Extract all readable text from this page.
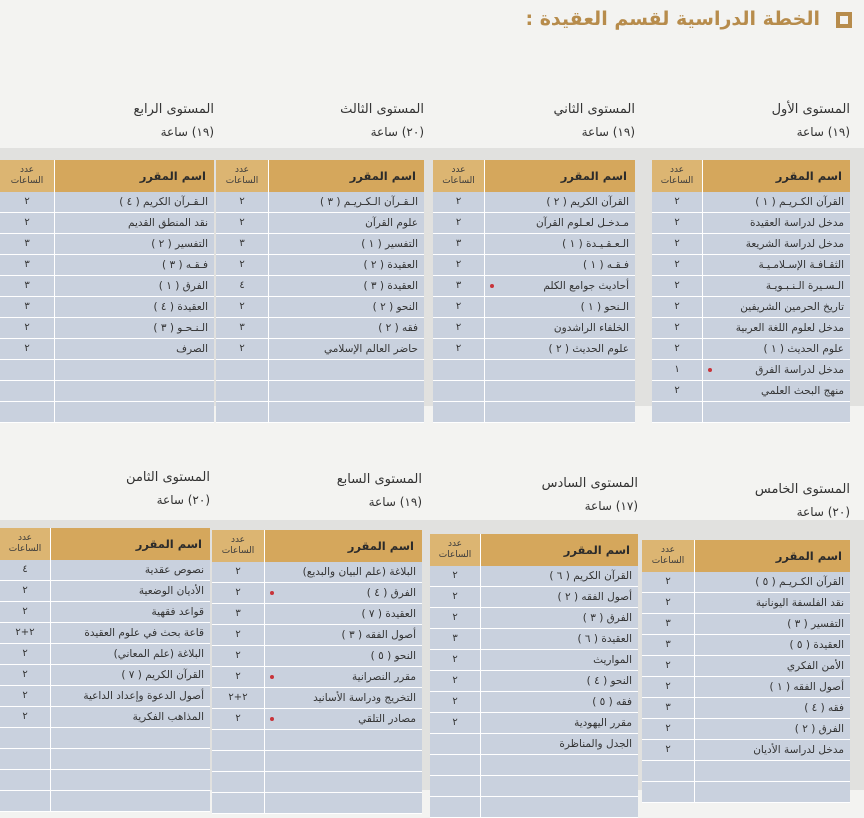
الخطة الدراسية لقسم العقيدة :
المستوى الأول
(١٩) ساعة
اسم المقرر
عدد
الساعات
القرآن الكـريـم ( ١ )
٢
مدخل لدراسة العقيدة
٢
مدخل لدراسة الشريعة
٢
الثقـافـة الإسـلامـيـة
٢
الـسـيرة الـنـبـويـة
٢
تاريخ الحرمين الشريفين
٢
مدخل لعلوم اللغة العربية
٢
علوم الحديث ( ١ )
٢
مدخل لدراسة الفرق
١
منهج البحث العلمي
٢
المستوى الثاني
(١٩) ساعة
اسم المقرر
عدد
الساعات
القرآن الكريم ( ٢ )
٢
مـدخـل لعـلوم القرآن
٢
الـعـقـيـدة ( ١ )
٣
فـقـه ( ١ )
٢
أحاديث جوامع الكلم
٣
الـنحو ( ١ )
٢
الخلفاء الراشدون
٢
علوم الحديث ( ٢ )
٢
المستوى الثالث
(٢٠) ساعة
اسم المقرر
عدد
الساعات
الـقـرآن الـكـريـم ( ٣ )
٢
علوم القرآن
٢
التفسير ( ١ )
٣
العقيدة ( ٢ )
٢
العقيدة ( ٣ )
٤
النحو ( ٢ )
٢
فقه ( ٢ )
٣
حاضر العالم الإسلامي
٢
المستوى الرابع
(١٩) ساعة
اسم المقرر
عدد
الساعات
الـقـرآن الكريم ( ٤ )
٢
نقد المنطق القديم
٢
التفسير ( ٢ )
٣
فـقـه ( ٣ )
٣
الفرق ( ١ )
٣
العقيدة ( ٤ )
٣
الـنـحـو ( ٣ )
٢
الصرف
٢
المستوى الخامس
(٢٠) ساعة
اسم المقرر
عدد
الساعات
القرآن الكـريـم ( ٥ )
٢
نقد الفلسفة اليونانية
٢
التفسير ( ٣ )
٣
العقيدة ( ٥ )
٣
الأمن الفكري
٢
أصول الفقه ( ١ )
٢
فقه ( ٤ )
٣
الفرق ( ٢ )
٢
مدخل لدراسة الأديان
٢
المستوى السادس
(١٧) ساعة
اسم المقرر
عدد
الساعات
القرآن الكريم ( ٦ )
٢
أصول الفقه ( ٢ )
٢
الفرق ( ٣ )
٢
العقيدة ( ٦ )
٣
المواريث
٢
النحو ( ٤ )
٢
فقه ( ٥ )
٢
مقرر اليهودية
٢
الجدل والمناظرة
المستوى السابع
(١٩) ساعة
اسم المقرر
عدد
الساعات
البلاغة (علم البيان والبديع)
٢
الفرق ( ٤ )
٢
العقيدة ( ٧ )
٣
أصول الفقه ( ٣ )
٢
النحو ( ٥ )
٢
مقرر النصرانية
٢
التخريج ودراسة الأسانيد
٢+٢
مصادر التلقي
٢
المستوى الثامن
(٢٠) ساعة
اسم المقرر
عدد
الساعات
نصوص عقدية
٤
الأديان الوضعية
٢
قواعد فقهية
٢
قاعة بحث في علوم العقيدة
٢+٢
البلاغة (علم المعاني)
٢
القرآن الكريم ( ٧ )
٢
أصول الدعوة وإعداد الداعية
٢
المذاهب الفكرية
٢
